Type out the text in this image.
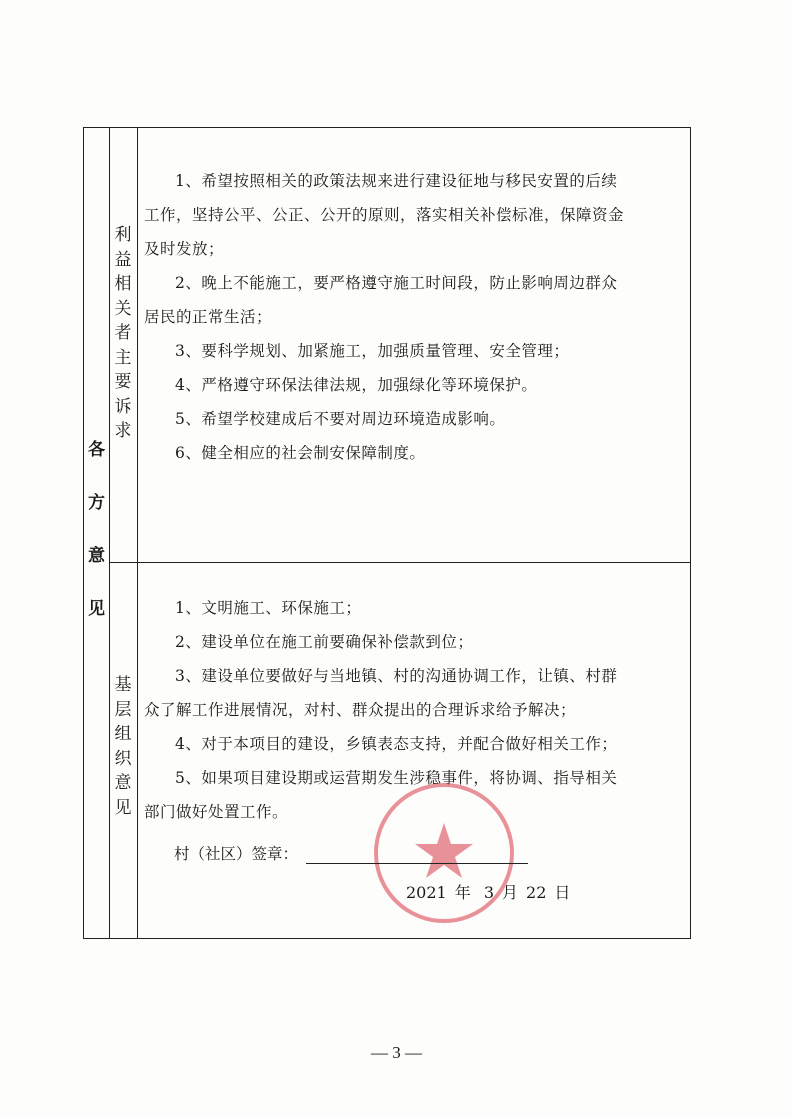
各
方
意
见
利
益
相
关
者
主
要
诉
求

1、希望按照相关的政策法规来进行建设征地与移民安置的后续

工作，坚持公平、公正、公开的原则，落实相关补偿标准，保障资金

及时发放；

2、晚上不能施工，要严格遵守施工时间段，防止影响周边群众

居民的正常生活；

3、要科学规划、加紧施工，加强质量管理、安全管理；

4、严格遵守环保法律法规，加强绿化等环境保护。

5、希望学校建成后不要对周边环境造成影响。

6、健全相应的社会制安保障制度。

基
层
组
织
意
见

1、文明施工、环保施工；

2、建设单位在施工前要确保补偿款到位；

3、建设单位要做好与当地镇、村的沟通协调工作，让镇、村群

众了解工作进展情况，对村、群众提出的合理诉求给予解决；

4、对于本项目的建设，乡镇表态支持，并配合做好相关工作；

5、如果项目建设期或运营期发生涉稳事件，将协调、指导相关

部门做好处置工作。

村（社区）签章：
2021 年 3 月 22 日
— 3 —
